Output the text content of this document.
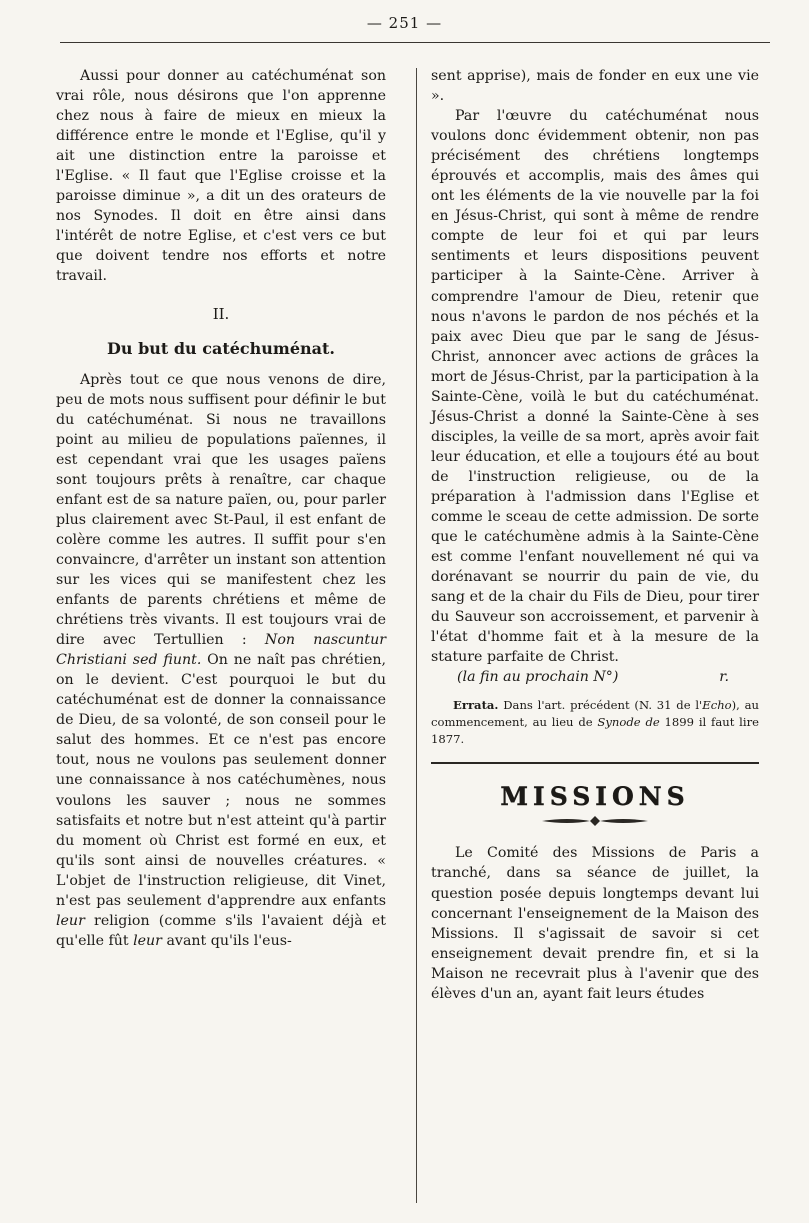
— 251 —

Aussi pour donner au catéchuménat son vrai rôle, nous désirons que l'on apprenne chez nous à faire de mieux en mieux la différence entre le monde et l'Eglise, qu'il y ait une distinction entre la paroisse et l'Eglise. « Il faut que l'Eglise croisse et la paroisse diminue », a dit un des orateurs de nos Synodes. Il doit en être ainsi dans l'intérêt de notre Eglise, et c'est vers ce but que doivent tendre nos efforts et notre travail.

II.
Du but du catéchuménat.

Après tout ce que nous venons de dire, peu de mots nous suffisent pour définir le but du catéchuménat. Si nous ne travaillons point au milieu de populations païennes, il est cependant vrai que les usages païens sont toujours prêts à renaître, car chaque enfant est de sa nature païen, ou, pour parler plus clairement avec St-Paul, il est enfant de colère comme les autres. Il suffit pour s'en convaincre, d'arrêter un instant son attention sur les vices qui se manifestent chez les enfants de parents chrétiens et même de chrétiens très vivants. Il est toujours vrai de dire avec Tertullien : Non nascuntur Christiani sed fiunt. On ne naît pas chrétien, on le devient. C'est pourquoi le but du catéchuménat est de donner la connaissance de Dieu, de sa volonté, de son conseil pour le salut des hommes. Et ce n'est pas encore tout, nous ne voulons pas seulement donner une connaissance à nos catéchumènes, nous voulons les sauver ; nous ne sommes satisfaits et notre but n'est atteint qu'à partir du moment où Christ est formé en eux, et qu'ils sont ainsi de nouvelles créatures. « L'objet de l'instruction religieuse, dit Vinet, n'est pas seulement d'apprendre aux enfants leur religion (comme s'ils l'avaient déjà et qu'elle fût leur avant qu'ils l'eus-

sent apprise), mais de fonder en eux une vie ».

Par l'œuvre du catéchuménat nous voulons donc évidemment obtenir, non pas précisément des chrétiens longtemps éprouvés et accomplis, mais des âmes qui ont les éléments de la vie nouvelle par la foi en Jésus-Christ, qui sont à même de rendre compte de leur foi et qui par leurs sentiments et leurs dispositions peuvent participer à la Sainte-Cène. Arriver à comprendre l'amour de Dieu, retenir que nous n'avons le pardon de nos péchés et la paix avec Dieu que par le sang de Jésus-Christ, annoncer avec actions de grâces la mort de Jésus-Christ, par la participation à la Sainte-Cène, voilà le but du catéchuménat. Jésus-Christ a donné la Sainte-Cène à ses disciples, la veille de sa mort, après avoir fait leur éducation, et elle a toujours été au bout de l'instruction religieuse, ou de la préparation à l'admission dans l'Eglise et comme le sceau de cette admission. De sorte que le catéchumène admis à la Sainte-Cène est comme l'enfant nouvellement né qui va dorénavant se nourrir du pain de vie, du sang et de la chair du Fils de Dieu, pour tirer du Sauveur son accroissement, et parvenir à l'état d'homme fait et à la mesure de la stature parfaite de Christ.

(la fin au prochain N°)	r.

Errata. Dans l'art. précédent (N. 31 de l'Echo), au commencement, au lieu de Synode de 1899 il faut lire 1877.

MISSIONS

Le Comité des Missions de Paris a tranché, dans sa séance de juillet, la question posée depuis longtemps devant lui concernant l'enseignement de la Maison des Missions. Il s'agissait de savoir si cet enseignement devait prendre fin, et si la Maison ne recevrait plus à l'avenir que des élèves d'un an, ayant fait leurs études
